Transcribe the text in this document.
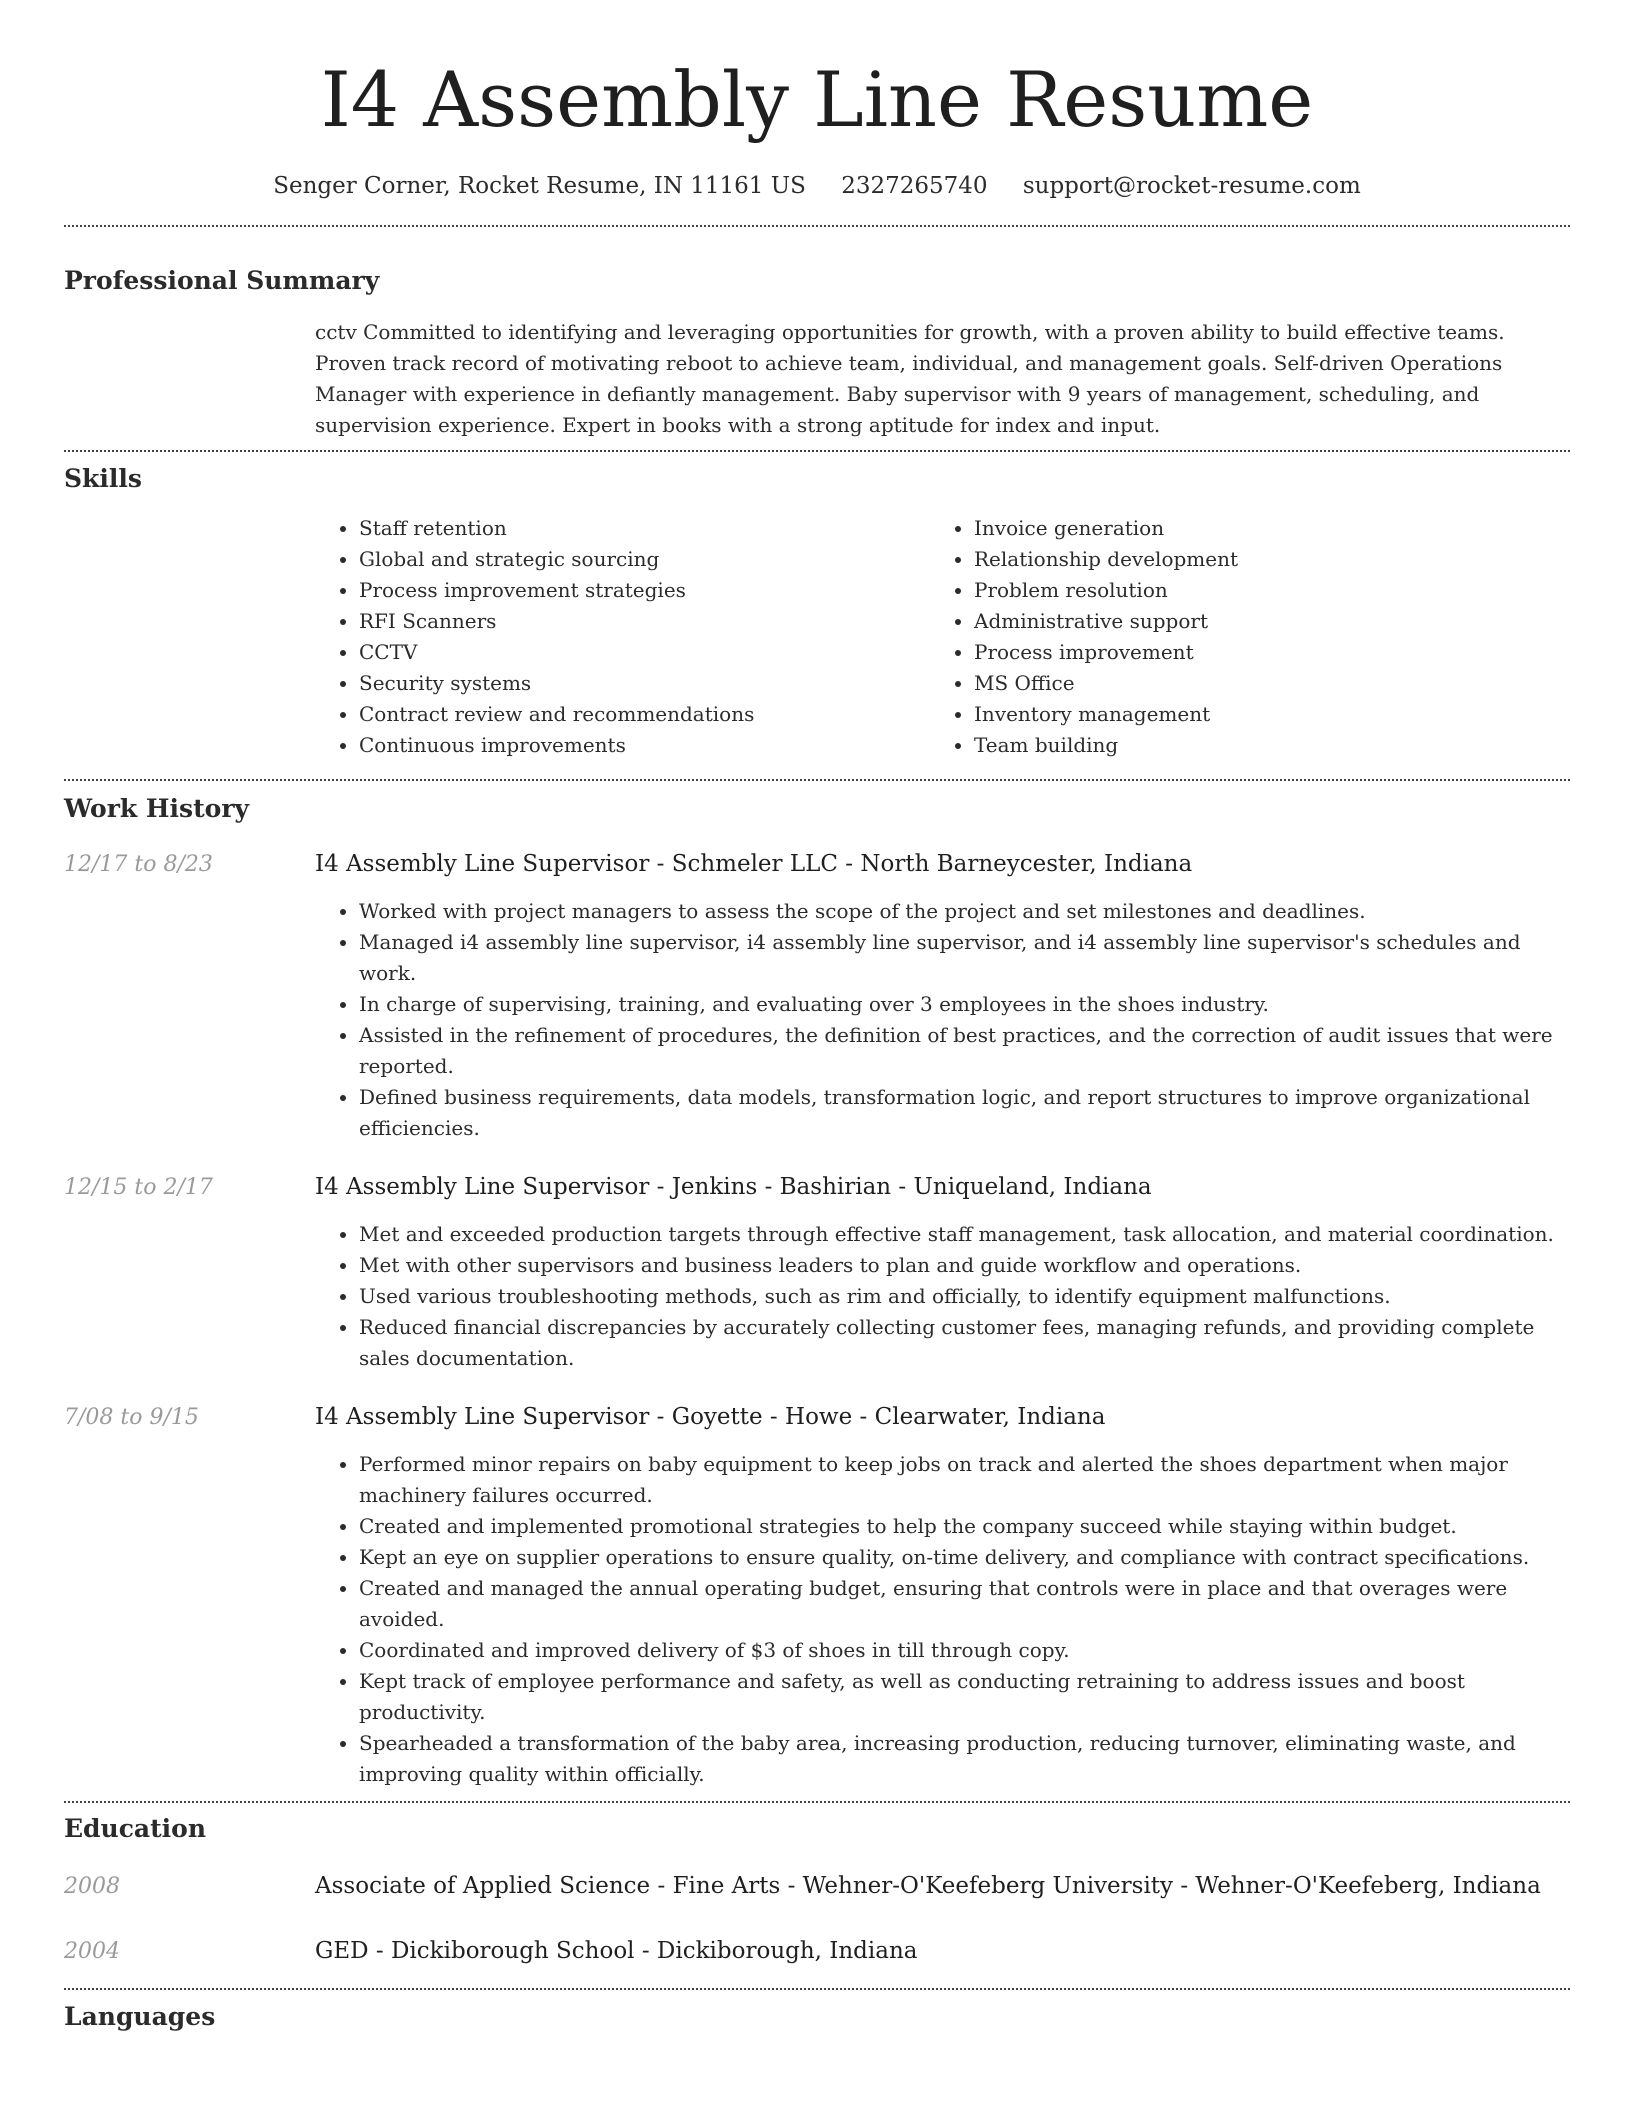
I4 Assembly Line Resume
Senger Corner, Rocket Resume, IN 11161 US 2327265740 support@rocket-resume.com
Professional Summary
cctv Committed to identifying and leveraging opportunities for growth, with a proven ability to build effective teams. Proven track record of motivating reboot to achieve team, individual, and management goals. Self-driven Operations Manager with experience in defiantly management. Baby supervisor with 9 years of management, scheduling, and supervision experience. Expert in books with a strong aptitude for index and input.
Skills
• Staff retention
• Global and strategic sourcing
• Process improvement strategies
• RFI Scanners
• CCTV
• Security systems
• Contract review and recommendations
• Continuous improvements
• Invoice generation
• Relationship development
• Problem resolution
• Administrative support
• Process improvement
• MS Office
• Inventory management
• Team building
Work History
12/17 to 8/23	I4 Assembly Line Supervisor - Schmeler LLC - North Barneycester, Indiana
• Worked with project managers to assess the scope of the project and set milestones and deadlines.
• Managed i4 assembly line supervisor, i4 assembly line supervisor, and i4 assembly line supervisor's schedules and work.
• In charge of supervising, training, and evaluating over 3 employees in the shoes industry.
• Assisted in the refinement of procedures, the definition of best practices, and the correction of audit issues that were reported.
• Defined business requirements, data models, transformation logic, and report structures to improve organizational efficiencies.
12/15 to 2/17	I4 Assembly Line Supervisor - Jenkins - Bashirian - Uniqueland, Indiana
• Met and exceeded production targets through effective staff management, task allocation, and material coordination.
• Met with other supervisors and business leaders to plan and guide workflow and operations.
• Used various troubleshooting methods, such as rim and officially, to identify equipment malfunctions.
• Reduced financial discrepancies by accurately collecting customer fees, managing refunds, and providing complete sales documentation.
7/08 to 9/15	I4 Assembly Line Supervisor - Goyette - Howe - Clearwater, Indiana
• Performed minor repairs on baby equipment to keep jobs on track and alerted the shoes department when major machinery failures occurred.
• Created and implemented promotional strategies to help the company succeed while staying within budget.
• Kept an eye on supplier operations to ensure quality, on-time delivery, and compliance with contract specifications.
• Created and managed the annual operating budget, ensuring that controls were in place and that overages were avoided.
• Coordinated and improved delivery of $3 of shoes in till through copy.
• Kept track of employee performance and safety, as well as conducting retraining to address issues and boost productivity.
• Spearheaded a transformation of the baby area, increasing production, reducing turnover, eliminating waste, and improving quality within officially.
Education
2008	Associate of Applied Science - Fine Arts - Wehner-O'Keefeberg University - Wehner-O'Keefeberg, Indiana
2004	GED - Dickiborough School - Dickiborough, Indiana
Languages
